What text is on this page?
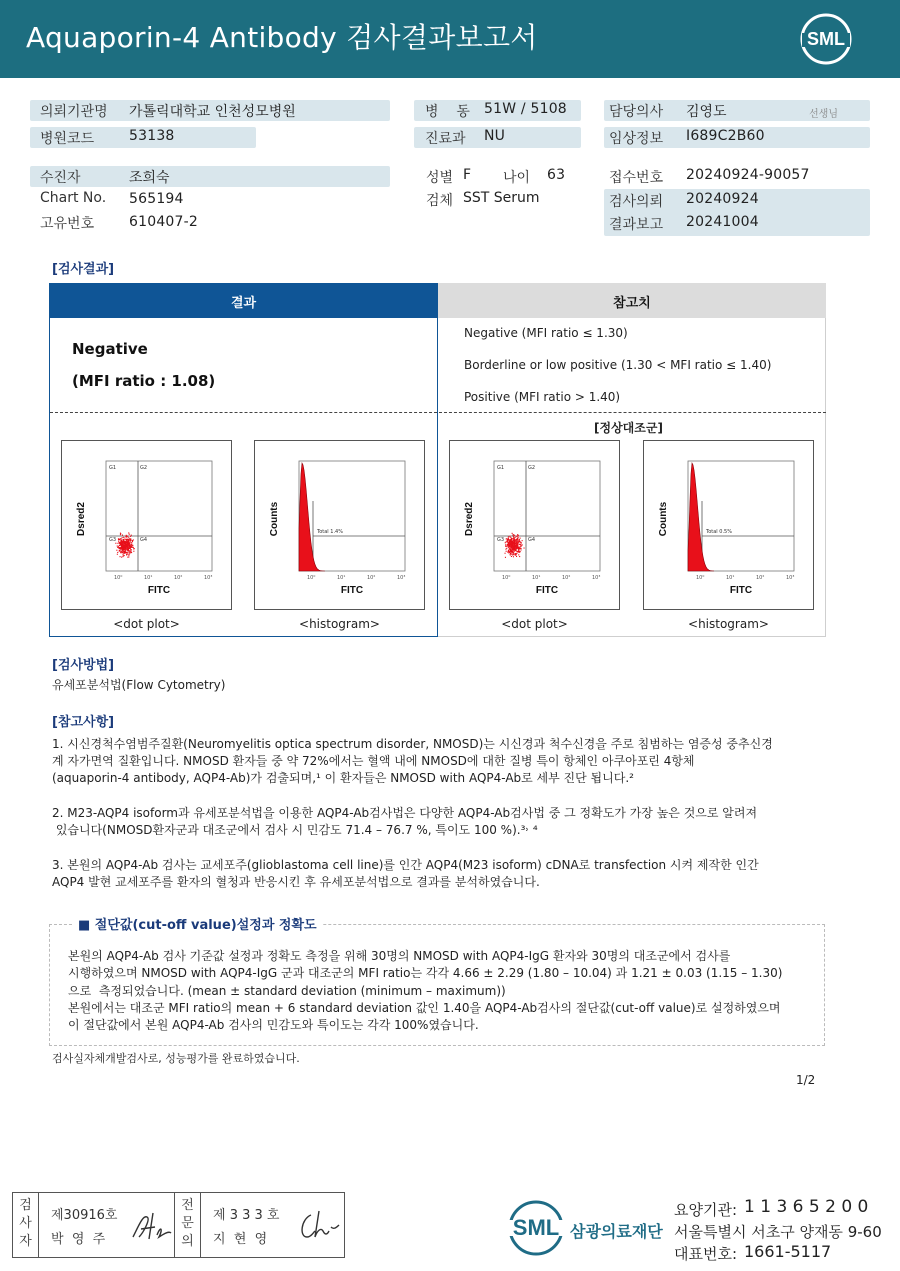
Aquaporin-4 Antibody 검사결과보고서	SML
의뢰기관명 가톨릭대학교 인천성모병원
병원코드 53138
병    동 51W / 5108
진료과 NU
담당의사 김영도	선생님
임상정보 I689C2B60
수진자	조희숙
Chart No. 565194
고유번호 610407-2
성별 F 나이 63
검체 SST Serum
접수번호 20240924-90057
검사의뢰 20240924
결과보고 20241004
[검사결과]
결과	참고치
Negative
(MFI ratio : 1.08)
Negative (MFI ratio ≤ 1.30)
Borderline or low positive (1.30 < MFI ratio ≤ 1.40)
Positive (MFI ratio > 1.40)
[정상대조군]
10⁰	10¹	10²	10³
FITC
Dsred2
G1	G2
G3	G4
10⁰	10¹	10²	10³
FITC
Counts	Total 1.4%
10⁰	10¹	10²	10³
FITC
Dsred2
G1	G2
G3	G4
10⁰	10¹	10²	10³
FITC
Counts	Total 0.5%
<dot plot>	<histogram>	<dot plot>	<histogram>
[검사방법]
유세포분석법(Flow Cytometry)
[참고사항]
1. 시신경척수염범주질환(Neuromyelitis optica spectrum disorder, NMOSD)는 시신경과 척수신경을 주로 침범하는 염증성 중추신경
계 자가면역 질환입니다. NMOSD 환자들 중 약 72%에서는 혈액 내에 NMOSD에 대한 질병 특이 항체인 아쿠아포린 4항체
(aquaporin-4 antibody, AQP4-Ab)가 검출되며,¹ 이 환자들은 NMOSD with AQP4-Ab로 세부 진단 됩니다.²
2. M23-AQP4 isoform과 유세포분석법을 이용한 AQP4-Ab검사법은 다양한 AQP4-Ab검사법 중 그 정확도가 가장 높은 것으로 알려져
있습니다(NMOSD환자군과 대조군에서 검사 시 민감도 71.4 – 76.7 %, 특이도 100 %).³˒ ⁴
3. 본원의 AQP4-Ab 검사는 교세포주(glioblastoma cell line)를 인간 AQP4(M23 isoform) cDNA로 transfection 시켜 제작한 인간
AQP4 발현 교세포주를 환자의 혈청과 반응시킨 후 유세포분석법으로 결과를 분석하였습니다.
■ 절단값(cut-off value)설정과 정확도
본원의 AQP4-Ab 검사 기준값 설정과 정확도 측정을 위해 30명의 NMOSD with AQP4-IgG 환자와 30명의 대조군에서 검사를
시행하였으며 NMOSD with AQP4-IgG 군과 대조군의 MFI ratio는 각각 4.66 ± 2.29 (1.80 – 10.04) 과 1.21 ± 0.03 (1.15 – 1.30)
으로  측정되었습니다. (mean ± standard deviation (minimum – maximum))
본원에서는 대조군 MFI ratio의 mean + 6 standard deviation 값인 1.40을 AQP4-Ab검사의 절단값(cut-off value)로 설정하였으며
이 절단값에서 본원 AQP4-Ab 검사의 민감도와 특이도는 각각 100%였습니다.
검사실자체개발검사로, 성능평가를 완료하였습니다.
1/2
검
사
자
제30916호
박  영  주
전
문
의
제 3 3 3 호
지  현  영	SML 삼광의료재단
요양기관: 1 1 3 6 5 2 0 0
서울특별시 서초구 양재동 9-60
대표번호: 1661-5117
